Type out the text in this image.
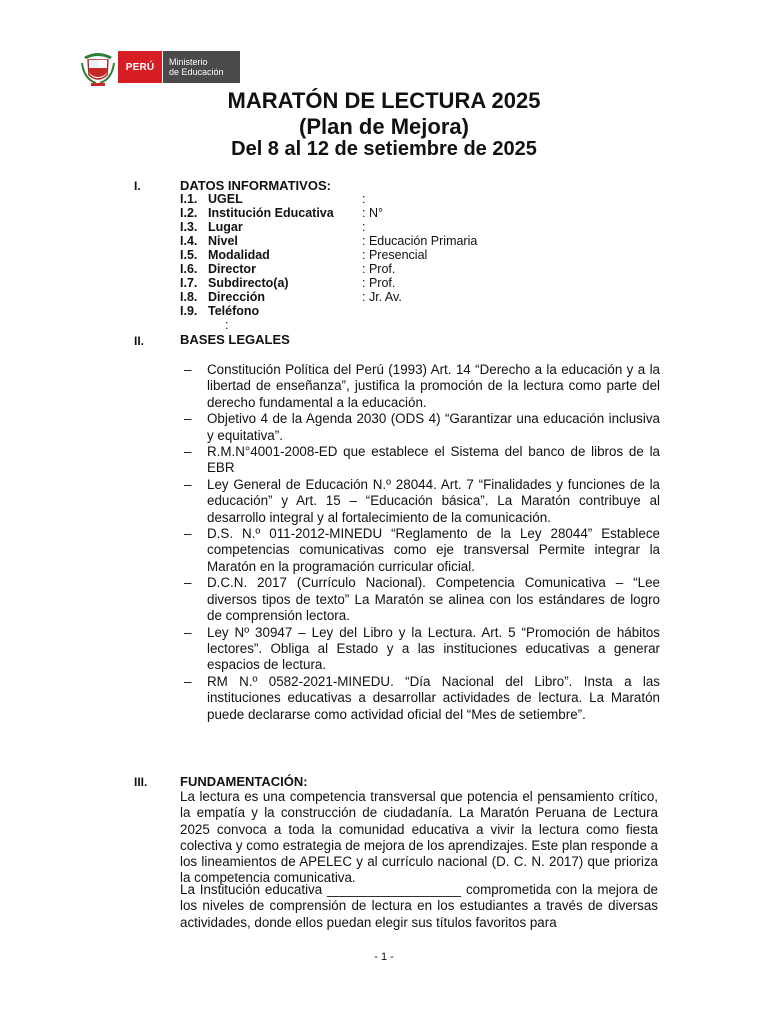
PERÚ	Ministerio
de Educación
MARATÓN DE LECTURA 2025
(Plan de Mejora)
Del 8 al 12 de setiembre de 2025
I.	DATOS INFORMATIVOS:
I.1. UGEL	:
I.2. Institución Educativa : N°
I.3. Lugar	:
I.4. Nivel	: Educación Primaria
I.5. Modalidad	: Presencial
I.6. Director	: Prof.
I.7. Subdirecto(a)	: Prof.
I.8. Dirección	: Jr. Av.
I.9. Teléfono
:
II.	BASES LEGALES
– Constitución Política del Perú (1993) Art. 14 “Derecho a la educación y a la libertad de enseñanza”, justifica la promoción de la lectura como parte del derecho fundamental a la educación.
– Objetivo 4 de la Agenda 2030 (ODS 4) “Garantizar una educación inclusiva y equitativa”.
– R.M.N°4001-2008-ED que establece el Sistema del banco de libros de la EBR
– Ley General de Educación N.º 28044. Art. 7 “Finalidades y funciones de la educación” y Art. 15 – “Educación básica”. La Maratón contribuye al desarrollo integral y al fortalecimiento de la comunicación.
– D.S. N.º 011-2012-MINEDU “Reglamento de la Ley 28044” Establece competencias comunicativas como eje transversal Permite integrar la Maratón en la programación curricular oficial.
– D.C.N. 2017 (Currículo Nacional). Competencia Comunicativa – “Lee diversos tipos de texto” La Maratón se alinea con los estándares de logro de comprensión lectora.
– Ley Nº 30947 – Ley del Libro y la Lectura. Art. 5 “Promoción de hábitos lectores”. Obliga al Estado y a las instituciones educativas a generar espacios de lectura.
– RM N.º 0582-2021-MINEDU. “Día Nacional del Libro”. Insta a las instituciones educativas a desarrollar actividades de lectura. La Maratón puede declararse como actividad oficial del “Mes de setiembre”.
III.	FUNDAMENTACIÓN:

La lectura es una competencia transversal que potencia el pensamiento crítico, la empatía y la construcción de ciudadanía. La Maratón Peruana de Lectura 2025 convoca a toda la comunidad educativa a vivir la lectura como fiesta colectiva y como estrategia de mejora de los aprendizajes. Este plan responde a los lineamientos de APELEC y al currículo nacional (D. C. N. 2017) que prioriza la competencia comunicativa.

La Institución educativa __________________ comprometida con la mejora de los niveles de comprensión de lectura en los estudiantes a través de diversas actividades, donde ellos puedan elegir sus títulos favoritos para

- 1 -
